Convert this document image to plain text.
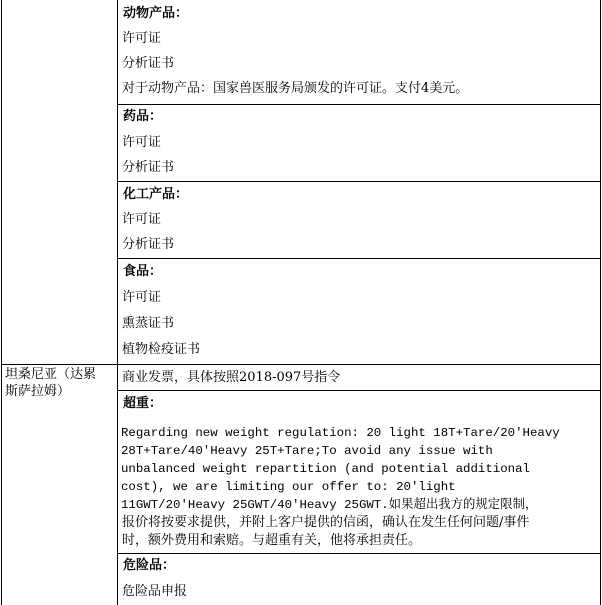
动物产品：
许可证
分析证书
对于动物产品：国家兽医服务局颁发的许可证。支付4美元。
药品：
许可证
分析证书
化工产品：
许可证
分析证书
食品：
许可证
熏蒸证书
植物检疫证书
坦桑尼亚（达累
斯萨拉姆）
商业发票，具体按照2018-097号指令
超重：
Regarding new weight regulation: 20 light 18T+Tare/20'Heavy
28T+Tare/40'Heavy 25T+Tare;To avoid any issue with
unbalanced weight repartition (and potential additional
cost), we are limiting our offer to: 20'light
11GWT/20'Heavy 25GWT/40'Heavy 25GWT.如果超出我方的规定限制，
报价将按要求提供，并附上客户提供的信函，确认在发生任何问题/事件
时，额外费用和索赔。与超重有关，他将承担责任。
危险品：
危险品申报
